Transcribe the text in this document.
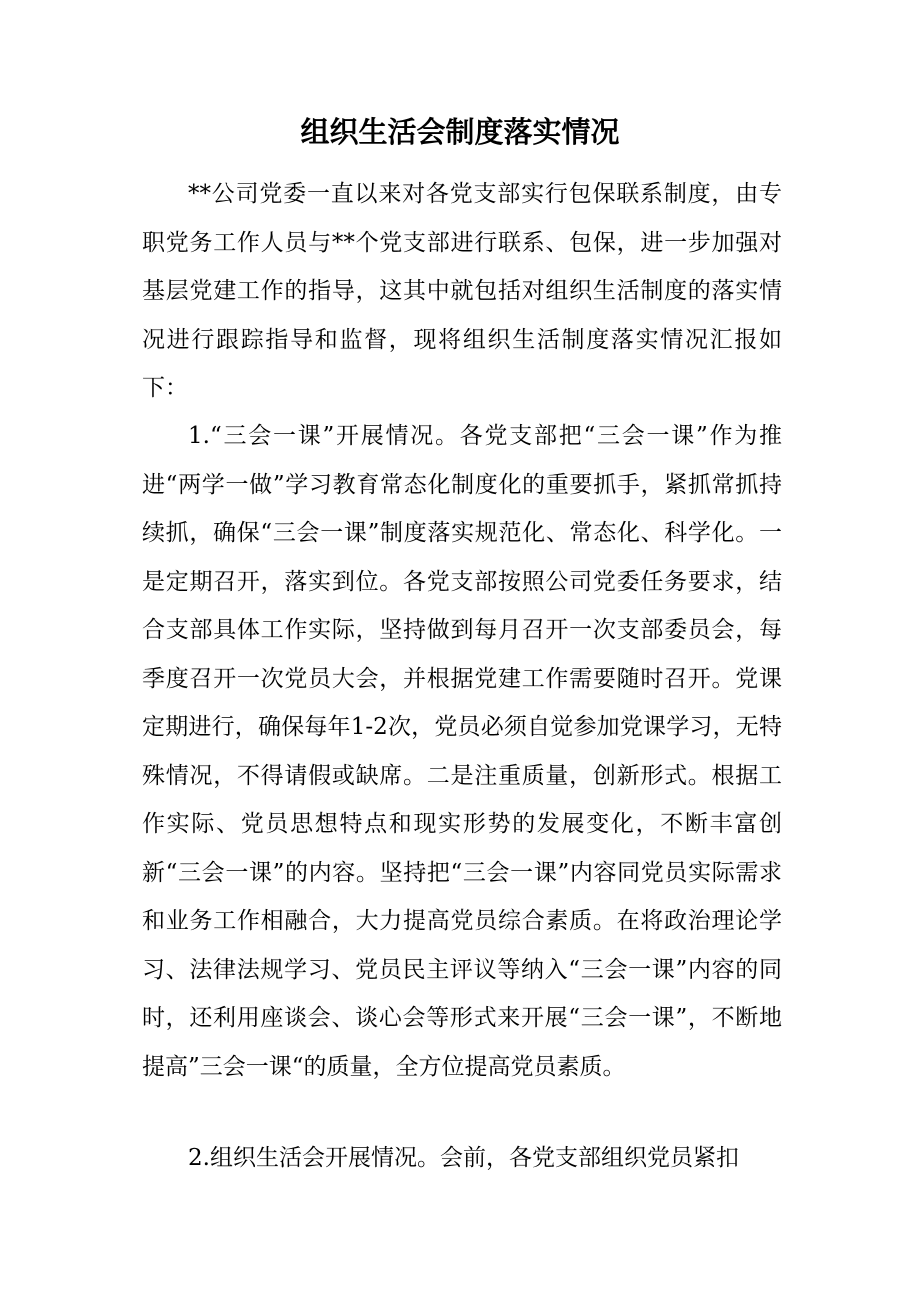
组织生活会制度落实情况

**公司党委一直以来对各党支部实行包保联系制度，由专职党务工作人员与**个党支部进行联系、包保，进一步加强对基层党建工作的指导，这其中就包括对组织生活制度的落实情况进行跟踪指导和监督，现将组织生活制度落实情况汇报如下：

1.“三会一课”开展情况。各党支部把“三会一课”作为推进“两学一做”学习教育常态化制度化的重要抓手，紧抓常抓持续抓，确保“三会一课”制度落实规范化、常态化、科学化。一是定期召开，落实到位。各党支部按照公司党委任务要求，结合支部具体工作实际，坚持做到每月召开一次支部委员会，每季度召开一次党员大会，并根据党建工作需要随时召开。党课定期进行，确保每年1-2次，党员必须自觉参加党课学习，无特殊情况，不得请假或缺席。二是注重质量，创新形式。根据工作实际、党员思想特点和现实形势的发展变化，不断丰富创新“三会一课”的内容。坚持把“三会一课”内容同党员实际需求和业务工作相融合，大力提高党员综合素质。在将政治理论学习、法律法规学习、党员民主评议等纳入“三会一课”内容的同时，还利用座谈会、谈心会等形式来开展“三会一课”，不断地提高”三会一课“的质量，全方位提高党员素质。

2.组织生活会开展情况。会前，各党支部组织党员紧扣
